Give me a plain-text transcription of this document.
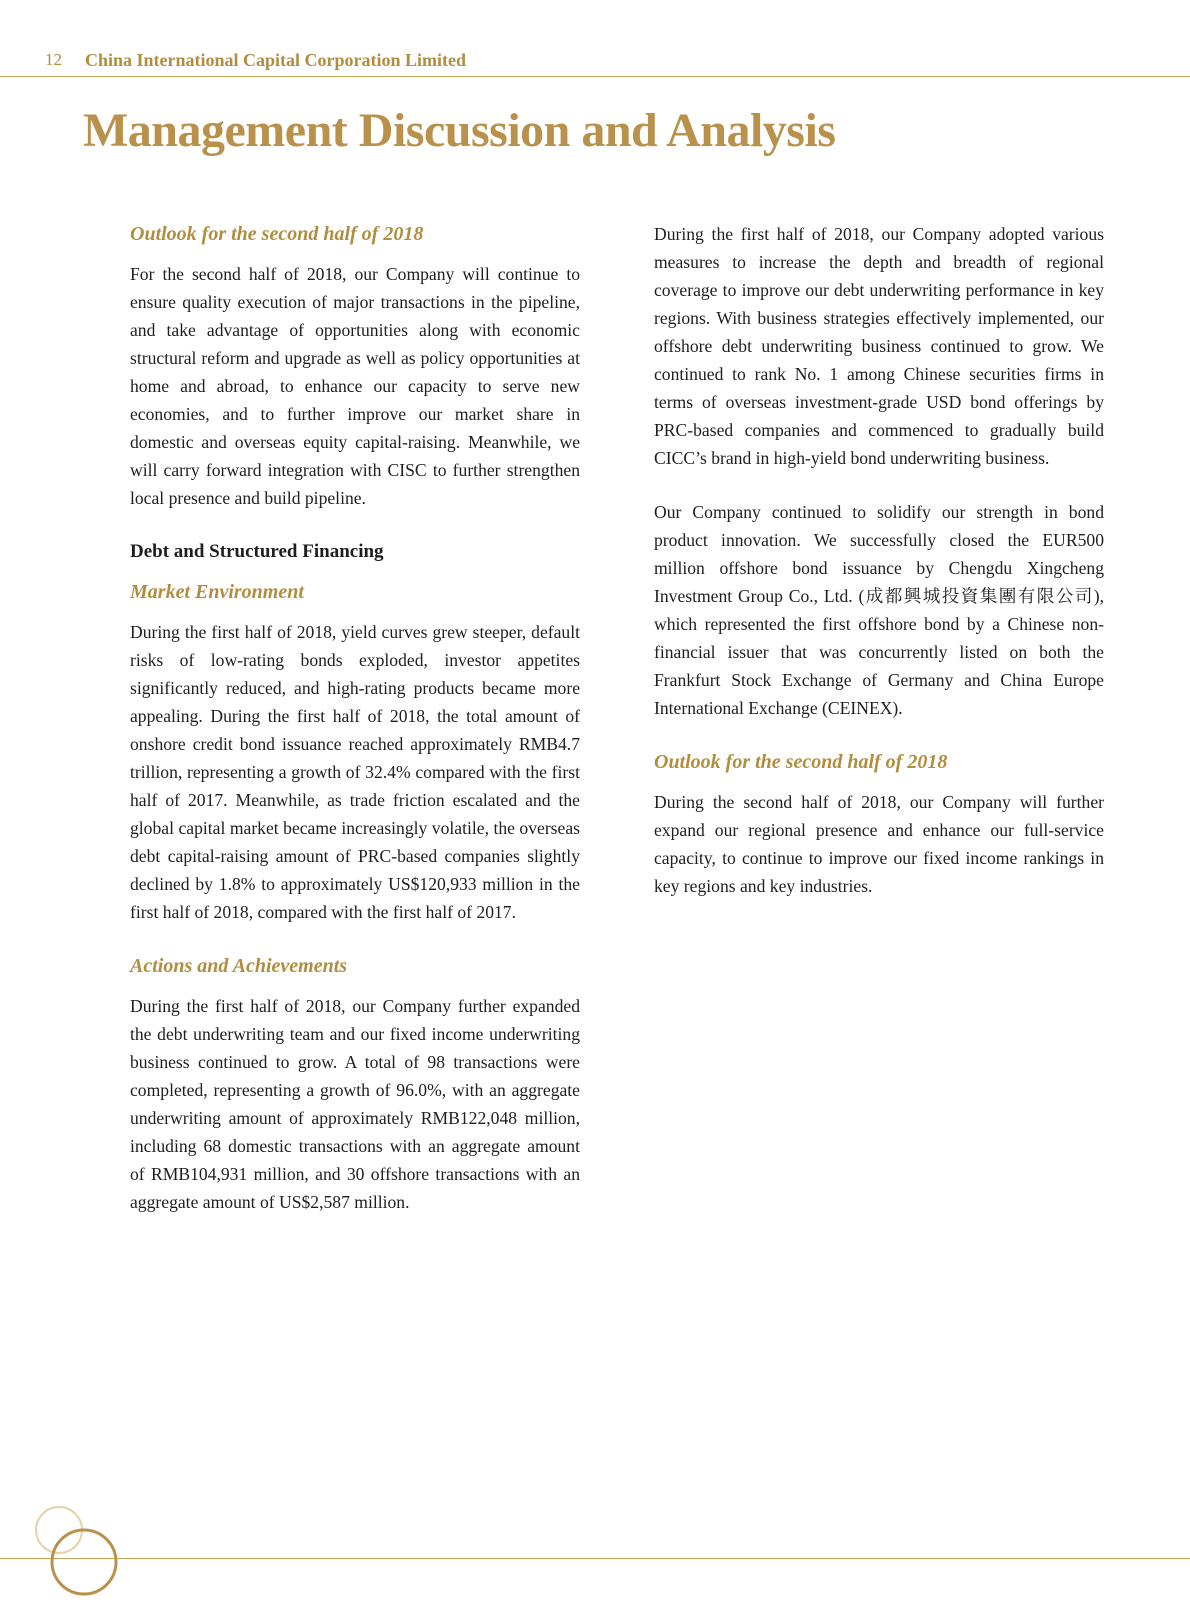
12 China International Capital Corporation Limited
Management Discussion and Analysis
Outlook for the second half of 2018

For the second half of 2018, our Company will continue to ensure quality execution of major transactions in the pipeline, and take advantage of opportunities along with economic structural reform and upgrade as well as policy opportunities at home and abroad, to enhance our capacity to serve new economies, and to further improve our market share in domestic and overseas equity capital-raising. Meanwhile, we will carry forward integration with CISC to further strengthen local presence and build pipeline.

Debt and Structured Financing
Market Environment

During the first half of 2018, yield curves grew steeper, default risks of low-rating bonds exploded, investor appetites significantly reduced, and high-rating products became more appealing. During the first half of 2018, the total amount of onshore credit bond issuance reached approximately RMB4.7 trillion, representing a growth of 32.4% compared with the first half of 2017. Meanwhile, as trade friction escalated and the global capital market became increasingly volatile, the overseas debt capital-raising amount of PRC-based companies slightly declined by 1.8% to approximately US$120,933 million in the first half of 2018, compared with the first half of 2017.

Actions and Achievements

During the first half of 2018, our Company further expanded the debt underwriting team and our fixed income underwriting business continued to grow. A total of 98 transactions were completed, representing a growth of 96.0%, with an aggregate underwriting amount of approximately RMB122,048 million, including 68 domestic transactions with an aggregate amount of RMB104,931 million, and 30 offshore transactions with an aggregate amount of US$2,587 million.

During the first half of 2018, our Company adopted various measures to increase the depth and breadth of regional coverage to improve our debt underwriting performance in key regions. With business strategies effectively implemented, our offshore debt underwriting business continued to grow. We continued to rank No. 1 among Chinese securities firms in terms of overseas investment-grade USD bond offerings by PRC-based companies and commenced to gradually build CICC’s brand in high-yield bond underwriting business.

Our Company continued to solidify our strength in bond product innovation. We successfully closed the EUR500 million offshore bond issuance by Chengdu Xingcheng Investment Group Co., Ltd. (成都興城投資集團有限公司), which represented the first offshore bond by a Chinese non-financial issuer that was concurrently listed on both the Frankfurt Stock Exchange of Germany and China Europe International Exchange (CEINEX).

Outlook for the second half of 2018

During the second half of 2018, our Company will further expand our regional presence and enhance our full-service capacity, to continue to improve our fixed income rankings in key regions and key industries.
